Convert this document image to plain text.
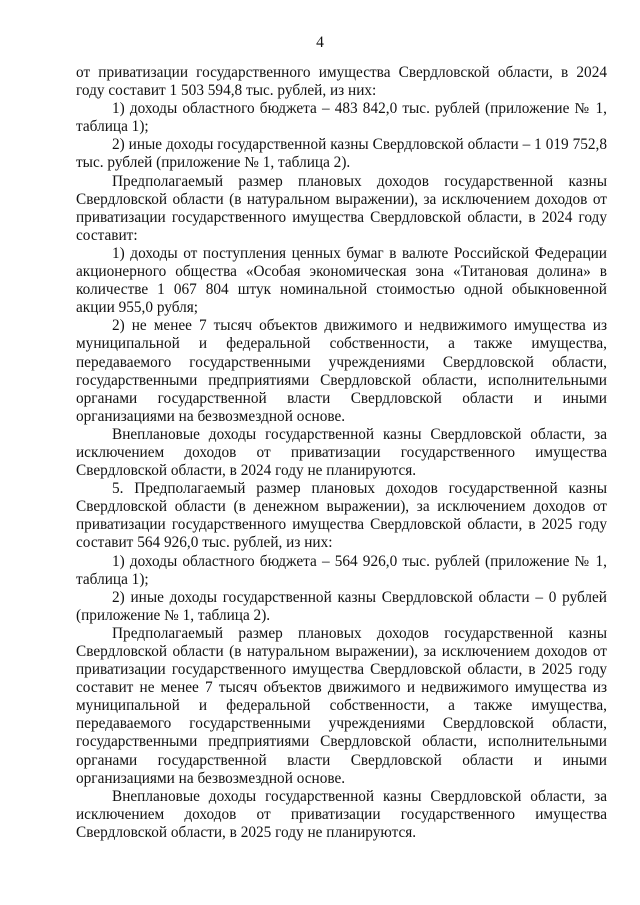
4

от приватизации государственного имущества Свердловской области, в 2024 году составит 1 503 594,8 тыс. рублей, из них:

1) доходы областного бюджета – 483 842,0 тыс. рублей (приложение № 1, таблица 1);

2) иные доходы государственной казны Свердловской области – 1 019 752,8 тыс. рублей (приложение № 1, таблица 2).

Предполагаемый размер плановых доходов государственной казны Свердловской области (в натуральном выражении), за исключением доходов от приватизации государственного имущества Свердловской области, в 2024 году составит:

1) доходы от поступления ценных бумаг в валюте Российской Федерации акционерного общества «Особая экономическая зона «Титановая долина» в количестве 1 067 804 штук номинальной стоимостью одной обыкновенной акции 955,0 рубля;

2) не менее 7 тысяч объектов движимого и недвижимого имущества из муниципальной и федеральной собственности, а также имущества, передаваемого государственными учреждениями Свердловской области, государственными предприятиями Свердловской области, исполнительными органами государственной власти Свердловской области и иными организациями на безвозмездной основе.

Внеплановые доходы государственной казны Свердловской области, за исключением доходов от приватизации государственного имущества Свердловской области, в 2024 году не планируются.

5. Предполагаемый размер плановых доходов государственной казны Свердловской области (в денежном выражении), за исключением доходов от приватизации государственного имущества Свердловской области, в 2025 году составит 564 926,0 тыс. рублей, из них:

1) доходы областного бюджета – 564 926,0 тыс. рублей (приложение № 1, таблица 1);

2) иные доходы государственной казны Свердловской области – 0 рублей (приложение № 1, таблица 2).

Предполагаемый размер плановых доходов государственной казны Свердловской области (в натуральном выражении), за исключением доходов от приватизации государственного имущества Свердловской области, в 2025 году составит не менее 7 тысяч объектов движимого и недвижимого имущества из муниципальной и федеральной собственности, а также имущества, передаваемого государственными учреждениями Свердловской области, государственными предприятиями Свердловской области, исполнительными органами государственной власти Свердловской области и иными организациями на безвозмездной основе.

Внеплановые доходы государственной казны Свердловской области, за исключением доходов от приватизации государственного имущества Свердловской области, в 2025 году не планируются.
